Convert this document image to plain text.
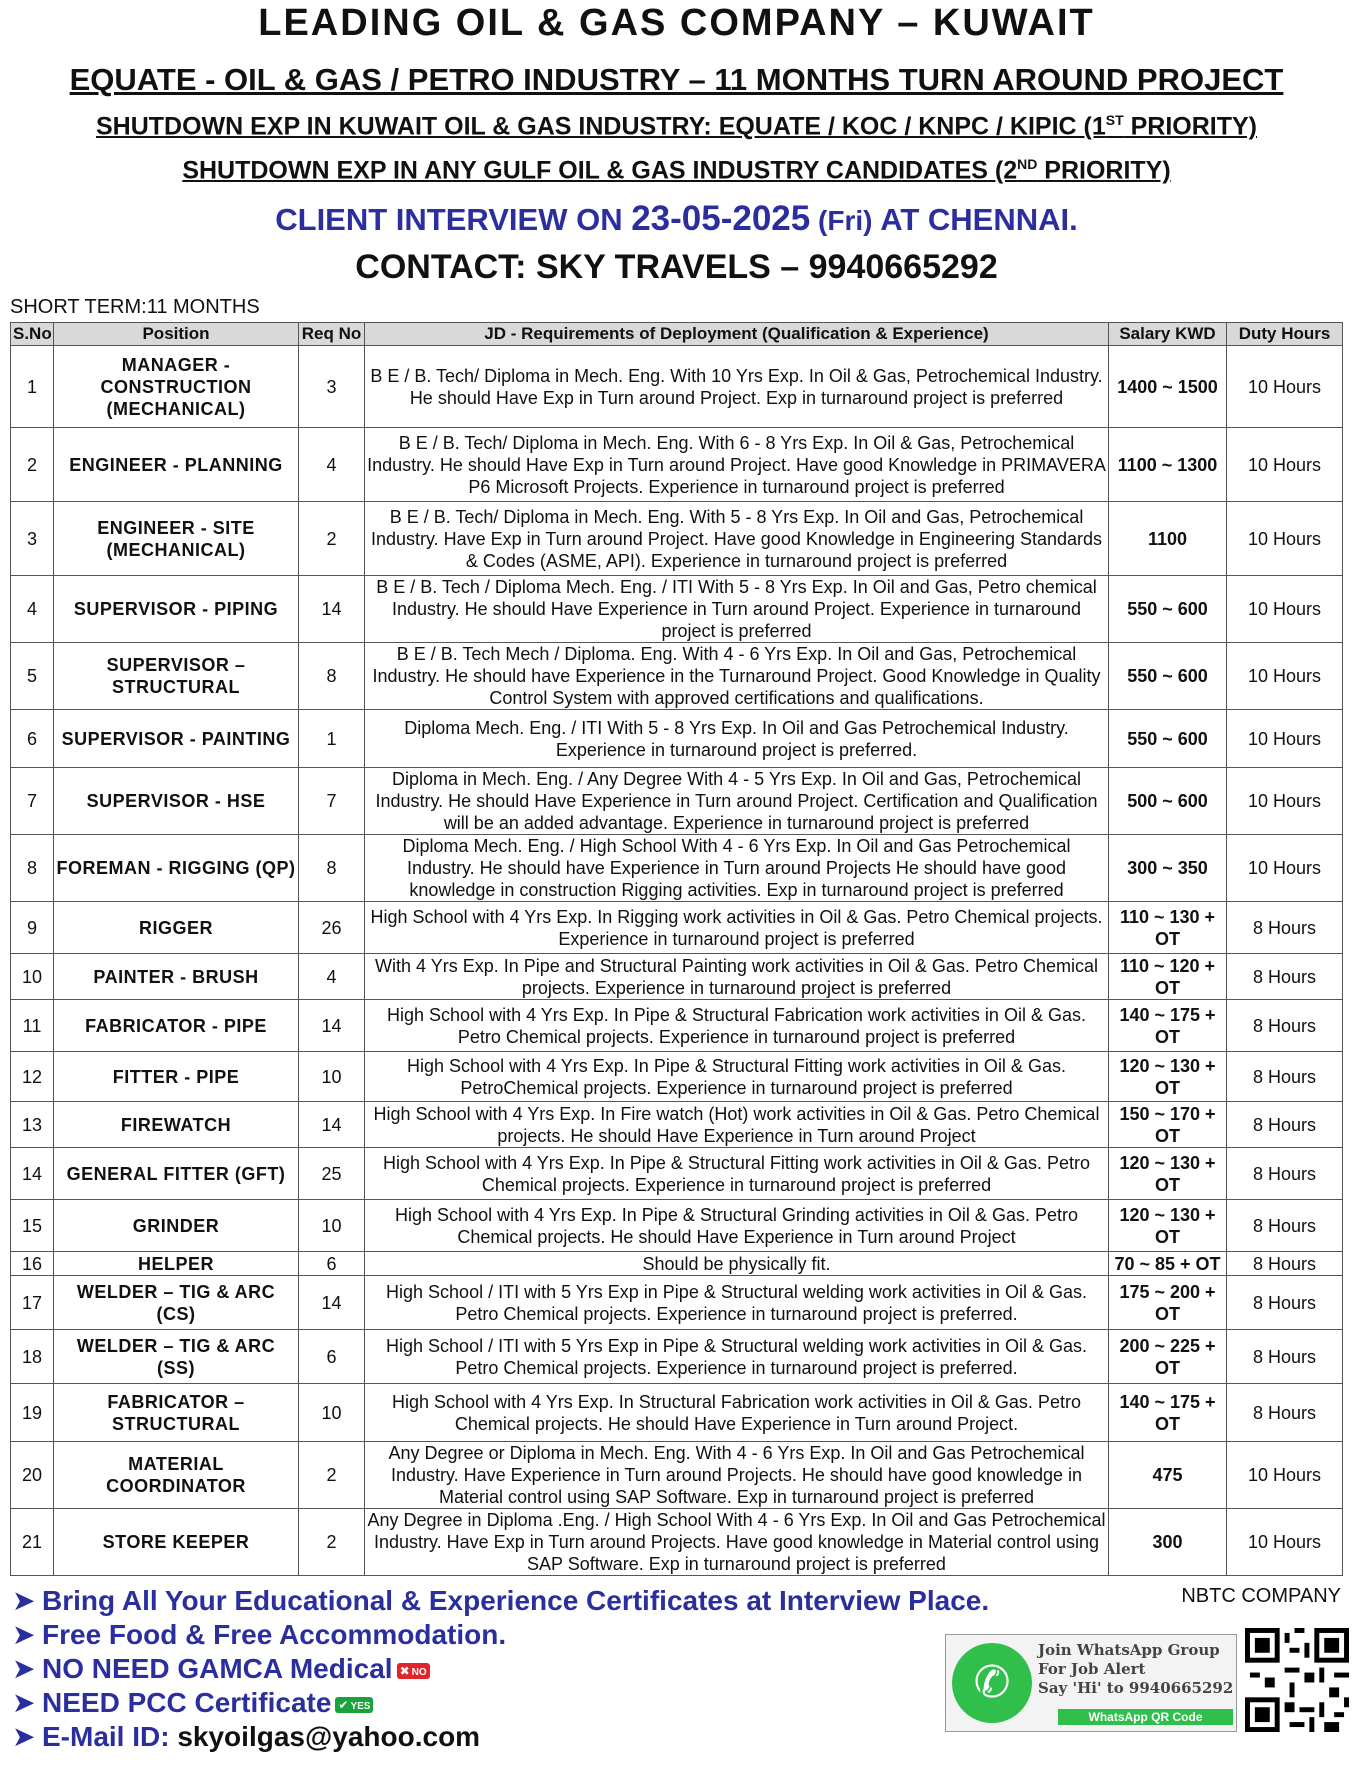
LEADING OIL & GAS COMPANY – KUWAIT
EQUATE - OIL & GAS / PETRO INDUSTRY – 11 MONTHS TURN AROUND PROJECT
SHUTDOWN EXP IN KUWAIT OIL & GAS INDUSTRY: EQUATE / KOC / KNPC / KIPIC (1ST PRIORITY)
SHUTDOWN EXP IN ANY GULF OIL & GAS INDUSTRY CANDIDATES (2ND PRIORITY)
CLIENT INTERVIEW ON 23-05-2025 (Fri) AT CHENNAI.
CONTACT: SKY TRAVELS – 9940665292
SHORT TERM:11 MONTHS
S.No	Position	Req No	JD - Requirements of Deployment (Qualification & Experience)	Salary KWD	Duty Hours
1	MANAGER - CONSTRUCTION (MECHANICAL)	3	B E / B. Tech/ Diploma in Mech. Eng. With 10 Yrs Exp. In Oil & Gas, Petrochemical Industry. He should Have Exp in Turn around Project. Exp in turnaround project is preferred	1400 ~ 1500	10 Hours
2	ENGINEER - PLANNING	4	B E / B. Tech/ Diploma in Mech. Eng. With 6 - 8 Yrs Exp. In Oil & Gas, Petrochemical Industry. He should Have Exp in Turn around Project. Have good Knowledge in PRIMAVERA P6 Microsoft Projects. Experience in turnaround project is preferred	1100 ~ 1300	10 Hours
3	ENGINEER - SITE (MECHANICAL)	2	B E / B. Tech/ Diploma in Mech. Eng. With 5 - 8 Yrs Exp. In Oil and Gas, Petrochemical Industry. Have Exp in Turn around Project. Have good Knowledge in Engineering Standards & Codes (ASME, API). Experience in turnaround project is preferred	1100	10 Hours
4	SUPERVISOR - PIPING	14	B E / B. Tech / Diploma Mech. Eng. / ITI With 5 - 8 Yrs Exp. In Oil and Gas, Petro chemical Industry. He should Have Experience in Turn around Project. Experience in turnaround project is preferred	550 ~ 600	10 Hours
5	SUPERVISOR – STRUCTURAL	8	B E / B. Tech Mech / Diploma. Eng. With 4 - 6 Yrs Exp. In Oil and Gas, Petrochemical Industry. He should have Experience in the Turnaround Project. Good Knowledge in Quality Control System with approved certifications and qualifications.	550 ~ 600	10 Hours
6	SUPERVISOR - PAINTING	1	Diploma Mech. Eng. / ITI With 5 - 8 Yrs Exp. In Oil and Gas Petrochemical Industry. Experience in turnaround project is preferred.	550 ~ 600	10 Hours
7	SUPERVISOR - HSE	7	Diploma in Mech. Eng. / Any Degree With 4 - 5 Yrs Exp. In Oil and Gas, Petrochemical Industry. He should Have Experience in Turn around Project. Certification and Qualification will be an added advantage. Experience in turnaround project is preferred	500 ~ 600	10 Hours
8	FOREMAN - RIGGING (QP)	8	Diploma Mech. Eng. / High School With 4 - 6 Yrs Exp. In Oil and Gas Petrochemical Industry. He should have Experience in Turn around Projects He should have good knowledge in construction Rigging activities. Exp in turnaround project is preferred	300 ~ 350	10 Hours
9	RIGGER	26	High School with 4 Yrs Exp. In Rigging work activities in Oil & Gas. Petro Chemical projects. Experience in turnaround project is preferred	110 ~ 130 + OT	8 Hours
10	PAINTER - BRUSH	4	With 4 Yrs Exp. In Pipe and Structural Painting work activities in Oil & Gas. Petro Chemical projects. Experience in turnaround project is preferred	110 ~ 120 + OT	8 Hours
11	FABRICATOR - PIPE	14	High School with 4 Yrs Exp. In Pipe & Structural Fabrication work activities in Oil & Gas. Petro Chemical projects. Experience in turnaround project is preferred	140 ~ 175 + OT	8 Hours
12	FITTER - PIPE	10	High School with 4 Yrs Exp. In Pipe & Structural Fitting work activities in Oil & Gas. PetroChemical projects. Experience in turnaround project is preferred	120 ~ 130 + OT	8 Hours
13	FIREWATCH	14	High School with 4 Yrs Exp. In Fire watch (Hot) work activities in Oil & Gas. Petro Chemical projects. He should Have Experience in Turn around Project	150 ~ 170 + OT	8 Hours
14	GENERAL FITTER (GFT)	25	High School with 4 Yrs Exp. In Pipe & Structural Fitting work activities in Oil & Gas. Petro Chemical projects. Experience in turnaround project is preferred	120 ~ 130 + OT	8 Hours
15	GRINDER	10	High School with 4 Yrs Exp. In Pipe & Structural Grinding activities in Oil & Gas. Petro Chemical projects. He should Have Experience in Turn around Project	120 ~ 130 + OT	8 Hours
16	HELPER	6	Should be physically fit.	70 ~ 85 + OT	8 Hours
17	WELDER – TIG & ARC (CS)	14	High School / ITI with 5 Yrs Exp in Pipe & Structural welding work activities in Oil & Gas. Petro Chemical projects. Experience in turnaround project is preferred.	175 ~ 200 + OT	8 Hours
18	WELDER – TIG & ARC (SS)	6	High School / ITI with 5 Yrs Exp in Pipe & Structural welding work activities in Oil & Gas. Petro Chemical projects. Experience in turnaround project is preferred.	200 ~ 225 + OT	8 Hours
19	FABRICATOR – STRUCTURAL	10	High School with 4 Yrs Exp. In Structural Fabrication work activities in Oil & Gas. Petro Chemical projects. He should Have Experience in Turn around Project.	140 ~ 175 + OT	8 Hours
20	MATERIAL COORDINATOR	2	Any Degree or Diploma in Mech. Eng. With 4 - 6 Yrs Exp. In Oil and Gas Petrochemical Industry. Have Experience in Turn around Projects. He should have good knowledge in Material control using SAP Software. Exp in turnaround project is preferred	475	10 Hours
21	STORE KEEPER	2	Any Degree in Diploma .Eng. / High School With 4 - 6 Yrs Exp. In Oil and Gas Petrochemical Industry. Have Exp in Turn around Projects. Have good knowledge in Material control using SAP Software. Exp in turnaround project is preferred	300	10 Hours
➤ Bring All Your Educational & Experience Certificates at Interview Place.
➤ Free Food & Free Accommodation.
➤ NO NEED GAMCA Medical ✖ NO
➤ NEED PCC Certificate ✔ YES
➤ E-Mail ID: skyoilgas@yahoo.com
NBTC COMPANY
✆
Join WhatsApp Group
For Job Alert
Say 'Hi' to 9940665292
WhatsApp QR Code
